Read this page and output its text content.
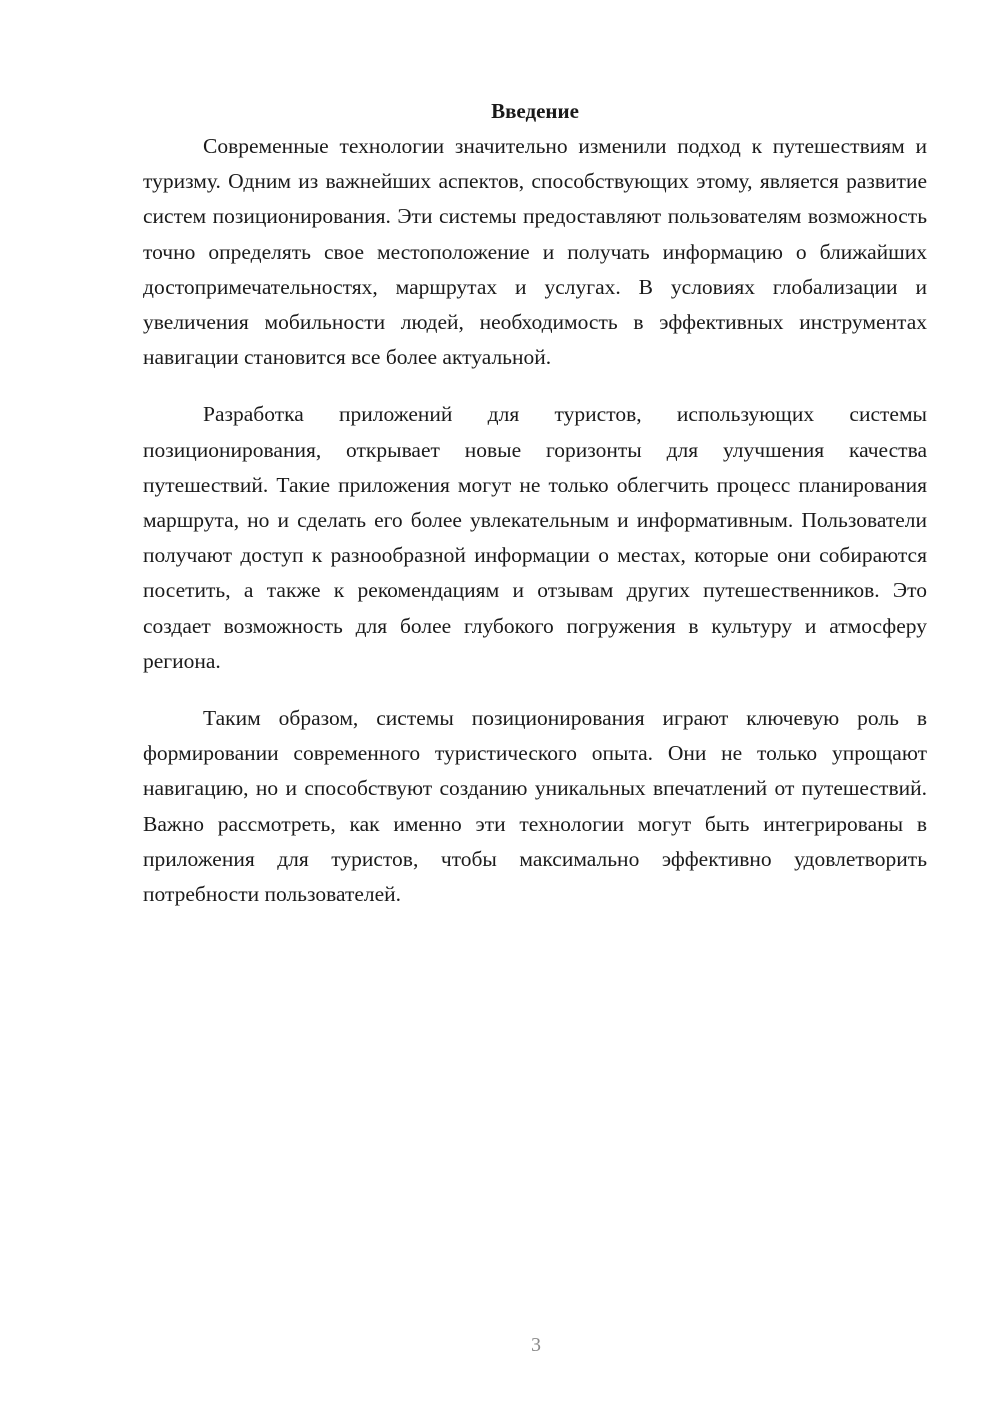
Введение

Современные технологии значительно изменили подход к путешествиям и туризму. Одним из важнейших аспектов, способствующих этому, является развитие систем позиционирования. Эти системы предоставляют пользователям возможность точно определять свое местоположение и получать информацию о ближайших достопримечательностях, маршрутах и услугах. В условиях глобализации и увеличения мобильности людей, необходимость в эффективных инструментах навигации становится все более актуальной.

Разработка приложений для туристов, использующих системы позиционирования, открывает новые горизонты для улучшения качества путешествий. Такие приложения могут не только облегчить процесс планирования маршрута, но и сделать его более увлекательным и информативным. Пользователи получают доступ к разнообразной информации о местах, которые они собираются посетить, а также к рекомендациям и отзывам других путешественников. Это создает возможность для более глубокого погружения в культуру и атмосферу региона.

Таким образом, системы позиционирования играют ключевую роль в формировании современного туристического опыта. Они не только упрощают навигацию, но и способствуют созданию уникальных впечатлений от путешествий. Важно рассмотреть, как именно эти технологии могут быть интегрированы в приложения для туристов, чтобы максимально эффективно удовлетворить потребности пользователей.

3
